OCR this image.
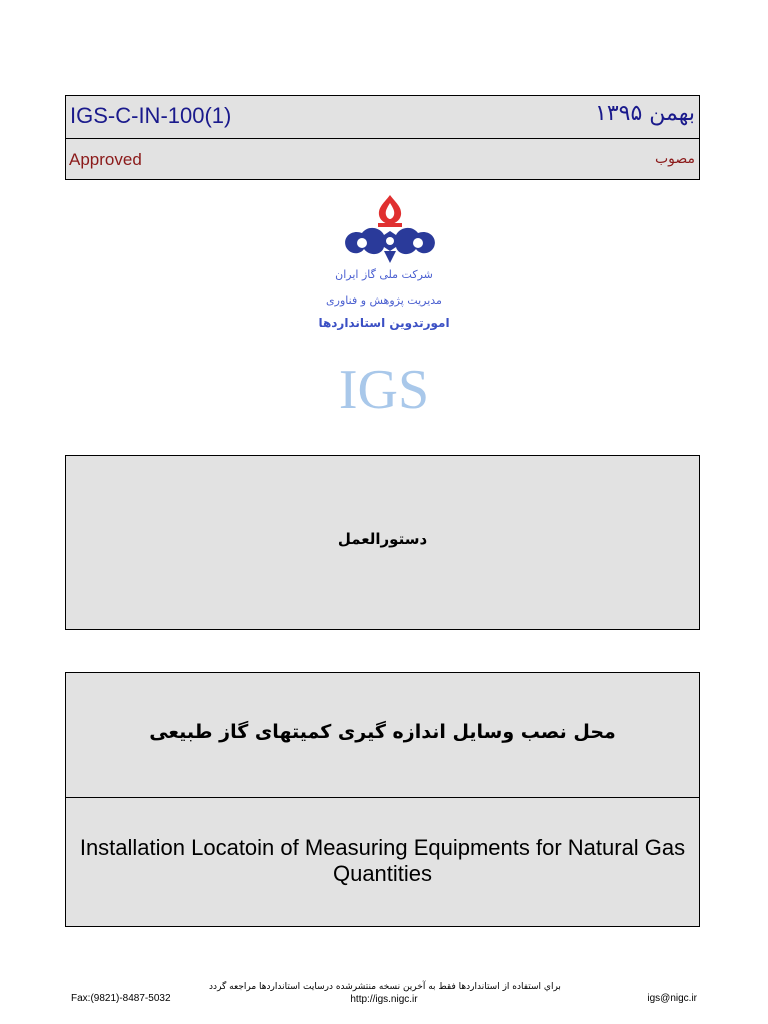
IGS-C-IN-100(1)	بهمن ۱۳۹۵
Approved	مصوب
شرکت ملی گاز ایران
مدیریت پژوهش و فناوری
امورتدوین استانداردها
IGS
دستورالعمل
محل نصب وسایل اندازه گیری کمیتهای گاز طبیعی
Installation Locatoin of Measuring Equipments for Natural Gas Quantities
براي استفاده از استانداردها فقط به آخرين نسخه منتشرشده درسايت استانداردها مراجعه گردد
Fax:(9821)-8487-5032	http://igs.nigc.ir	igs@nigc.ir
